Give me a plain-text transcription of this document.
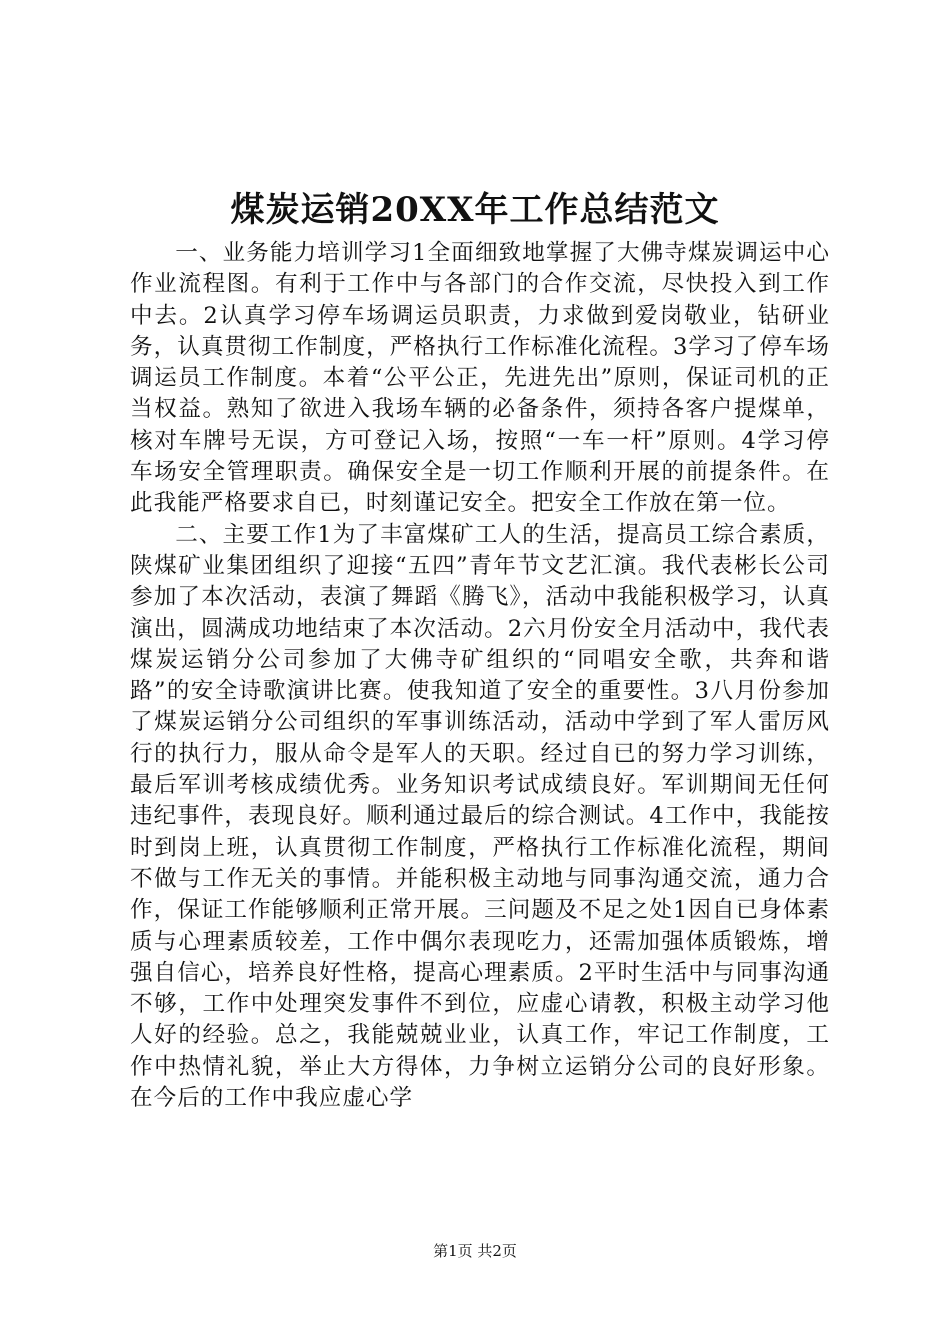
煤炭运销20XX年工作总结范文

一、业务能力培训学习1全面细致地掌握了大佛寺煤炭调运中心作业流程图。有利于工作中与各部门的合作交流，尽快投入到工作中去。2认真学习停车场调运员职责，力求做到爱岗敬业，钻研业务，认真贯彻工作制度，严格执行工作标准化流程。3学习了停车场调运员工作制度。本着“公平公正，先进先出”原则，保证司机的正当权益。熟知了欲进入我场车辆的必备条件，须持各客户提煤单，核对车牌号无误，方可登记入场，按照“一车一杆”原则。4学习停车场安全管理职责。确保安全是一切工作顺利开展的前提条件。在此我能严格要求自已，时刻谨记安全。把安全工作放在第一位。

二、主要工作1为了丰富煤矿工人的生活，提高员工综合素质，陕煤矿业集团组织了迎接“五四”青年节文艺汇演。我代表彬长公司参加了本次活动，表演了舞蹈《腾飞》，活动中我能积极学习，认真演出，圆满成功地结束了本次活动。2六月份安全月活动中，我代表煤炭运销分公司参加了大佛寺矿组织的“同唱安全歌，共奔和谐路”的安全诗歌演讲比赛。使我知道了安全的重要性。3八月份参加了煤炭运销分公司组织的军事训练活动，活动中学到了军人雷厉风行的执行力，服从命令是军人的天职。经过自已的努力学习训练，最后军训考核成绩优秀。业务知识考试成绩良好。军训期间无任何违纪事件，表现良好。顺利通过最后的综合测试。4工作中，我能按时到岗上班，认真贯彻工作制度，严格执行工作标准化流程，期间不做与工作无关的事情。并能积极主动地与同事沟通交流，通力合作，保证工作能够顺利正常开展。三问题及不足之处1因自已身体素质与心理素质较差，工作中偶尔表现吃力，还需加强体质锻炼，增强自信心，培养良好性格，提高心理素质。2平时生活中与同事沟通不够，工作中处理突发事件不到位，应虚心请教，积极主动学习他人好的经验。总之，我能兢兢业业，认真工作，牢记工作制度，工作中热情礼貌，举止大方得体，力争树立运销分公司的良好形象。在今后的工作中我应虚心学

第1页 共2页
